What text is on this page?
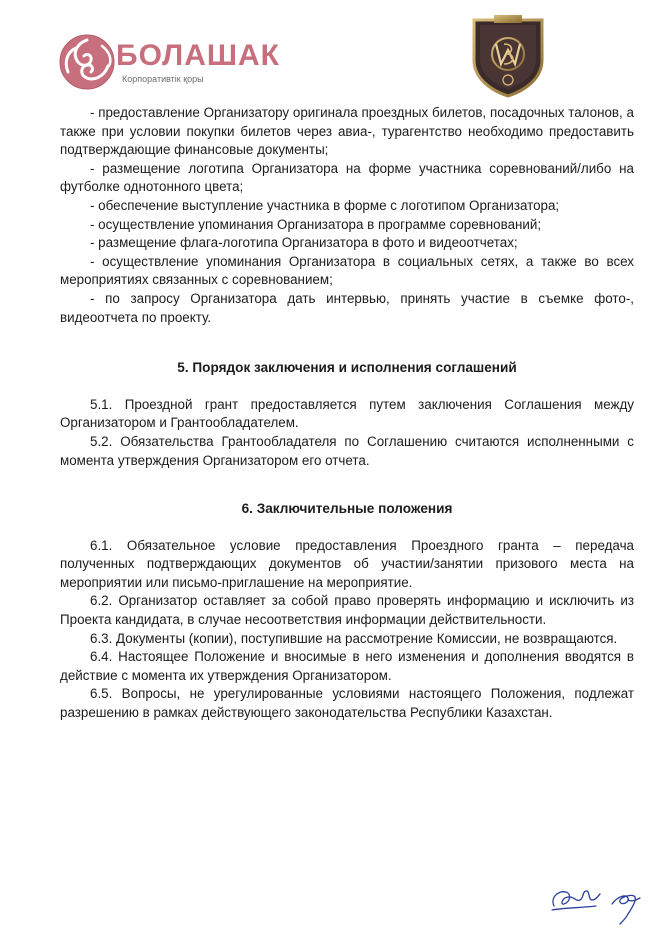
БОЛАШАК
Корпоративтік қоры

- предоставление Организатору оригинала проездных билетов, посадочных талонов, а также при условии покупки билетов через авиа-, турагентство необходимо предоставить подтверждающие финансовые документы;

- размещение логотипа Организатора на форме участника соревнований/либо на футболке однотонного цвета;

- обеспечение выступление участника в форме с логотипом Организатора;

- осуществление упоминания Организатора в программе соревнований;

- размещение флага-логотипа Организатора в фото и видеоотчетах;

- осуществление упоминания Организатора в социальных сетях, а также во всех мероприятиях связанных с соревнованием;

- по запросу Организатора дать интервью, принять участие в съемке фото-, видеоотчета по проекту.

5. Порядок заключения и исполнения соглашений

5.1. Проездной грант предоставляется путем заключения Соглашения между Организатором и Грантообладателем.

5.2. Обязательства Грантообладателя по Соглашению считаются исполненными с момента утверждения Организатором его отчета.

6. Заключительные положения

6.1. Обязательное условие предоставления Проездного гранта – передача полученных подтверждающих документов об участии/занятии призового места на мероприятии или письмо-приглашение на мероприятие.

6.2. Организатор оставляет за собой право проверять информацию и исключить из Проекта кандидата, в случае несоответствия информации действительности.

6.3. Документы (копии), поступившие на рассмотрение Комиссии, не возвращаются.

6.4. Настоящее Положение и вносимые в него изменения и дополнения вводятся в действие с момента их утверждения Организатором.

6.5. Вопросы, не урегулированные условиями настоящего Положения, подлежат разрешению в рамках действующего законодательства Республики Казахстан.
